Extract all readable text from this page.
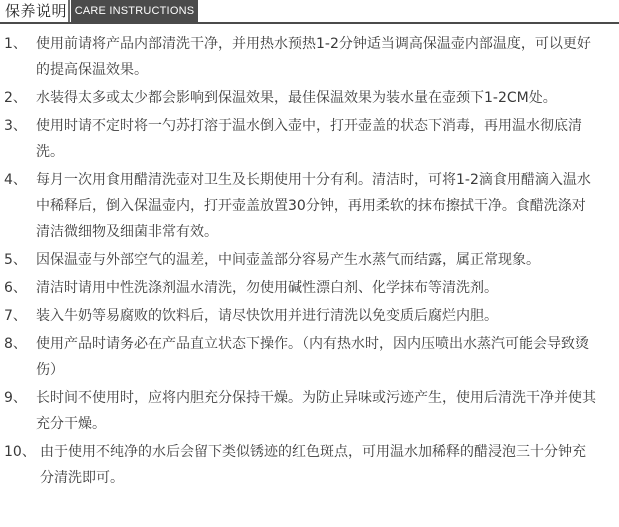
保养说明 CARE INSTRUCTIONS
1、 使用前请将产品内部清洗干净，并用热水预热1-2分钟适当调高保温壶内部温度，可以更好的提高保温效果。
2、 水装得太多或太少都会影响到保温效果，最佳保温效果为装水量在壶颈下1-2CM处。
3、 使用时请不定时将一勺苏打溶于温水倒入壶中，打开壶盖的状态下消毒，再用温水彻底清洗。
4、 每月一次用食用醋清洗壶对卫生及长期使用十分有利。清洁时，可将1-2滴食用醋滴入温水中稀释后，倒入保温壶内，打开壶盖放置30分钟，再用柔软的抹布擦拭干净。食醋洗涤对清洁微细物及细菌非常有效。
5、 因保温壶与外部空气的温差，中间壶盖部分容易产生水蒸气而结露，属正常现象。
6、 清洁时请用中性洗涤剂温水清洗，勿使用碱性漂白剂、化学抹布等清洗剂。
7、 装入牛奶等易腐败的饮料后，请尽快饮用并进行清洗以免变质后腐烂内胆。
8、 使用产品时请务必在产品直立状态下操作。（内有热水时，因内压喷出水蒸汽可能会导致烫伤）
9、 长时间不使用时，应将内胆充分保持干燥。为防止异味或污迹产生，使用后清洗干净并使其充分干燥。
10、 由于使用不纯净的水后会留下类似锈迹的红色斑点，可用温水加稀释的醋浸泡三十分钟充分清洗即可。
